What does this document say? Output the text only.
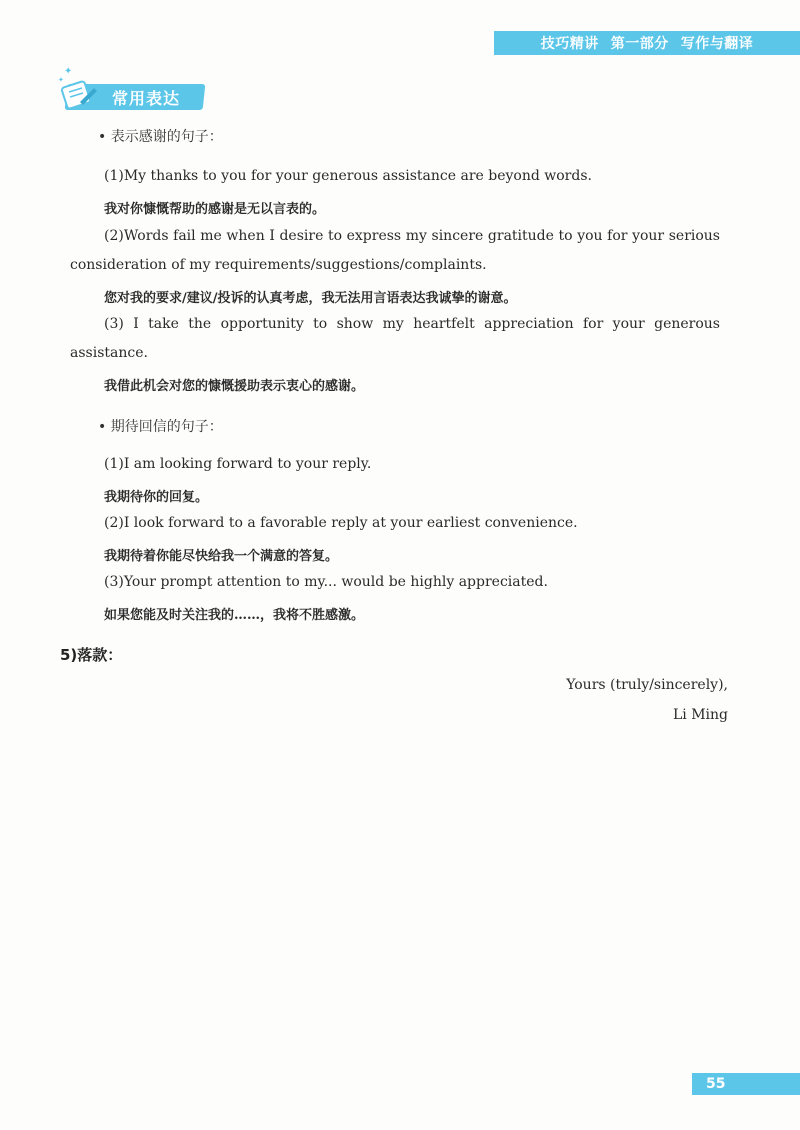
技巧精讲 第一部分 写作与翻译
✦
✦
常用表达
• 表示感谢的句子：
(1)My thanks to you for your generous assistance are beyond words.
我对你慷慨帮助的感谢是无以言表的。
(2)Words fail me when I desire to express my sincere gratitude to you for your serious
consideration of my requirements/suggestions/complaints.
您对我的要求/建议/投诉的认真考虑，我无法用言语表达我诚挚的谢意。
(3) I take the opportunity to show my heartfelt appreciation for your generous
assistance.
我借此机会对您的慷慨援助表示衷心的感谢。
• 期待回信的句子：
(1)I am looking forward to your reply.
我期待你的回复。
(2)I look forward to a favorable reply at your earliest convenience.
我期待着你能尽快给我一个满意的答复。
(3)Your prompt attention to my... would be highly appreciated.
如果您能及时关注我的……，我将不胜感激。
5)落款：
Yours (truly/sincerely),
Li Ming
55
